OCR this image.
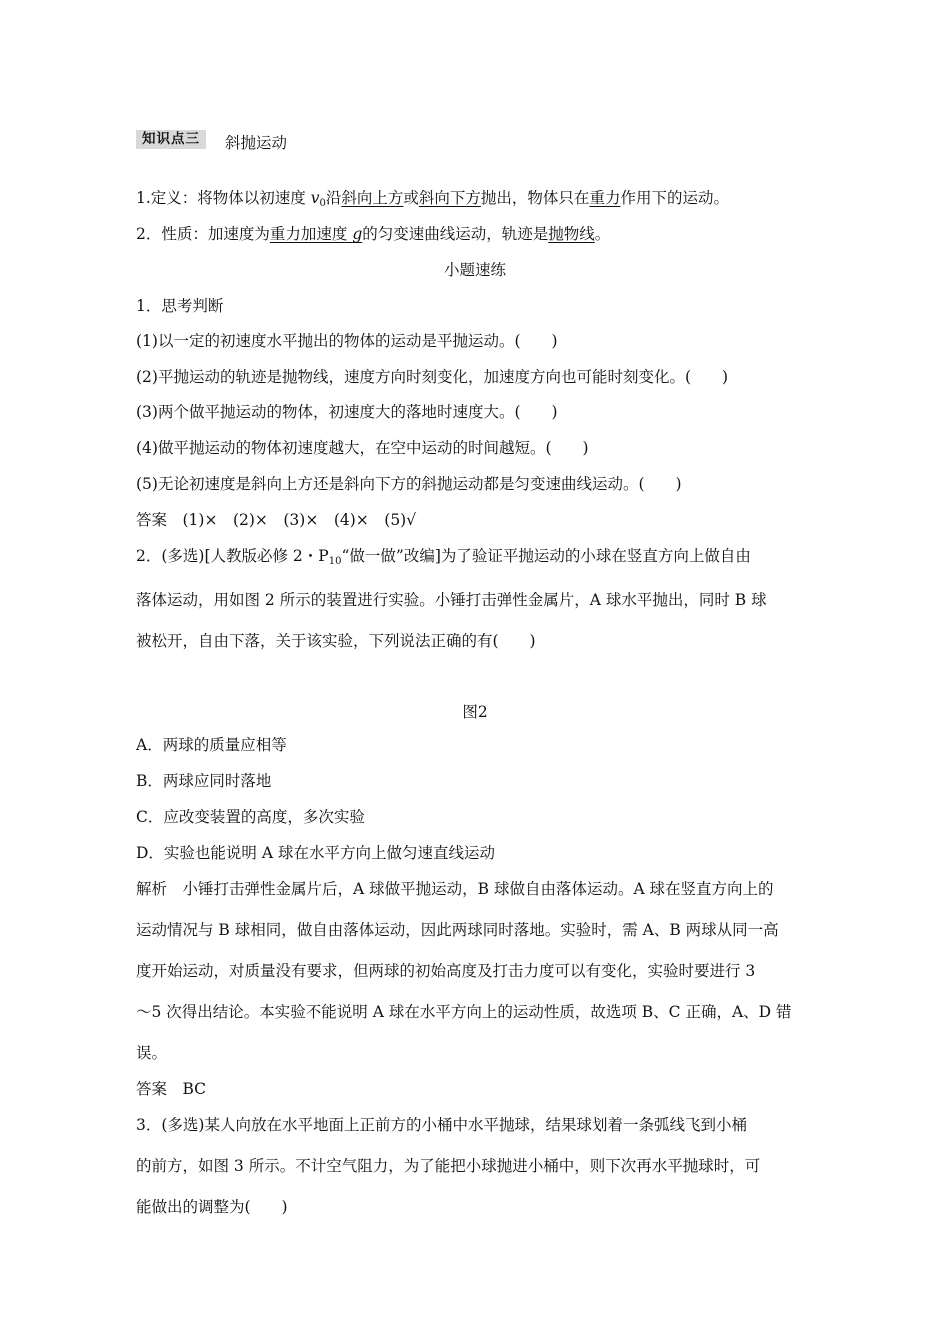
知识点三	斜抛运动
1.定义：将物体以初速度 $v_0$沿斜向上方或斜向下方抛出，物体只在重力作用下的运动。
2．性质：加速度为重力加速度 g的匀变速曲线运动，轨迹是抛物线。
小题速练
1．思考判断
(1)以一定的初速度水平抛出的物体的运动是平抛运动。(　　)
(2)平抛运动的轨迹是抛物线，速度方向时刻变化，加速度方向也可能时刻变化。(　　)
(3)两个做平抛运动的物体，初速度大的落地时速度大。(　　)
(4)做平抛运动的物体初速度越大，在空中运动的时间越短。(　　)
(5)无论初速度是斜向上方还是斜向下方的斜抛运动都是匀变速曲线运动。(　　)
答案　(1)×　(2)×　(3)×　(4)×　(5)√
2．(多选)[人教版必修 2・$P_{10}“$做一做”改编]为了验证平抛运动的小球在竖直方向上做自由
落体运动，用如图 2 所示的装置进行实验。小锤打击弹性金属片，A 球水平抛出，同时 B 球
被松开，自由下落，关于该实验，下列说法正确的有(　　)
图2
A．两球的质量应相等
B．两球应同时落地
C．应改变装置的高度，多次实验
D．实验也能说明 A 球在水平方向上做匀速直线运动
解析　小锤打击弹性金属片后，A 球做平抛运动，B 球做自由落体运动。A 球在竖直方向上的
运动情况与 B 球相同，做自由落体运动，因此两球同时落地。实验时，需 A、B 两球从同一高
度开始运动，对质量没有要求，但两球的初始高度及打击力度可以有变化，实验时要进行 3
～5 次得出结论。本实验不能说明 A 球在水平方向上的运动性质，故选项 B、C 正确，A、D 错
误。
答案　BC
3．(多选)某人向放在水平地面上正前方的小桶中水平抛球，结果球划着一条弧线飞到小桶
的前方，如图 3 所示。不计空气阻力，为了能把小球抛进小桶中，则下次再水平抛球时，可
能做出的调整为(　　)
